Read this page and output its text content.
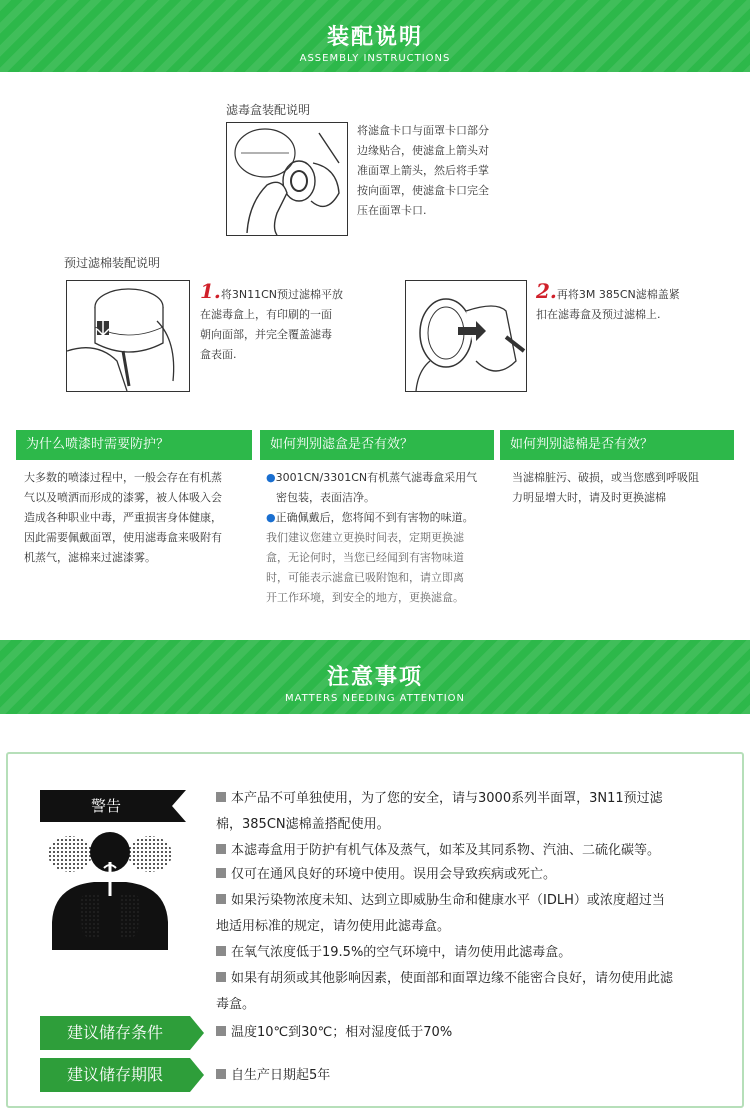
装配说明
ASSEMBLY INSTRUCTIONS
滤毒盒装配说明
将滤盒卡口与面罩卡口部分
边缘贴合，使滤盒上箭头对
准面罩上箭头，然后将手掌
按向面罩，使滤盒卡口完全
压在面罩卡口.
预过滤棉装配说明
1.将3N11CN预过滤棉平放
在滤毒盒上，有印刷的一面
朝向面部，并完全覆盖滤毒
盒表面.
2.再将3M 385CN滤棉盖紧
扣在滤毒盒及预过滤棉上.
为什么喷漆时需要防护？	如何判别滤盒是否有效？	如何判别滤棉是否有效？
大多数的喷漆过程中，一般会存在有机蒸
气以及喷洒而形成的漆雾，被人体吸入会
造成各种职业中毒，严重损害身体健康，
因此需要佩戴面罩，使用滤毒盒来吸附有
机蒸气，滤棉来过滤漆雾。
●3001CN/3301CN有机蒸气滤毒盒采用气
密包装，表面洁净。
●正确佩戴后，您将闻不到有害物的味道。
我们建议您建立更换时间表，定期更换滤
盒，无论何时，当您已经闻到有害物味道
时，可能表示滤盒已吸附饱和，请立即离
开工作环境，到安全的地方，更换滤盒。
当滤棉脏污、破损，或当您感到呼吸阻
力明显增大时，请及时更换滤棉
注意事项
MATTERS NEEDING ATTENTION
警告	本产品不可单独使用，为了您的安全，请与3000系列半面罩，3N11预过滤
棉，385CN滤棉盖搭配使用。
本滤毒盒用于防护有机气体及蒸气，如苯及其同系物、汽油、二硫化碳等。
仅可在通风良好的环境中使用。误用会导致疾病或死亡。
如果污染物浓度未知、达到立即威胁生命和健康水平（IDLH）或浓度超过当
地适用标准的规定，请勿使用此滤毒盒。
在氧气浓度低于19.5%的空气环境中，请勿使用此滤毒盒。
如果有胡须或其他影响因素，使面部和面罩边缘不能密合良好，请勿使用此滤
毒盒。
建议储存条件	温度10℃到30℃；相对湿度低于70%
建议储存期限	自生产日期起5年
